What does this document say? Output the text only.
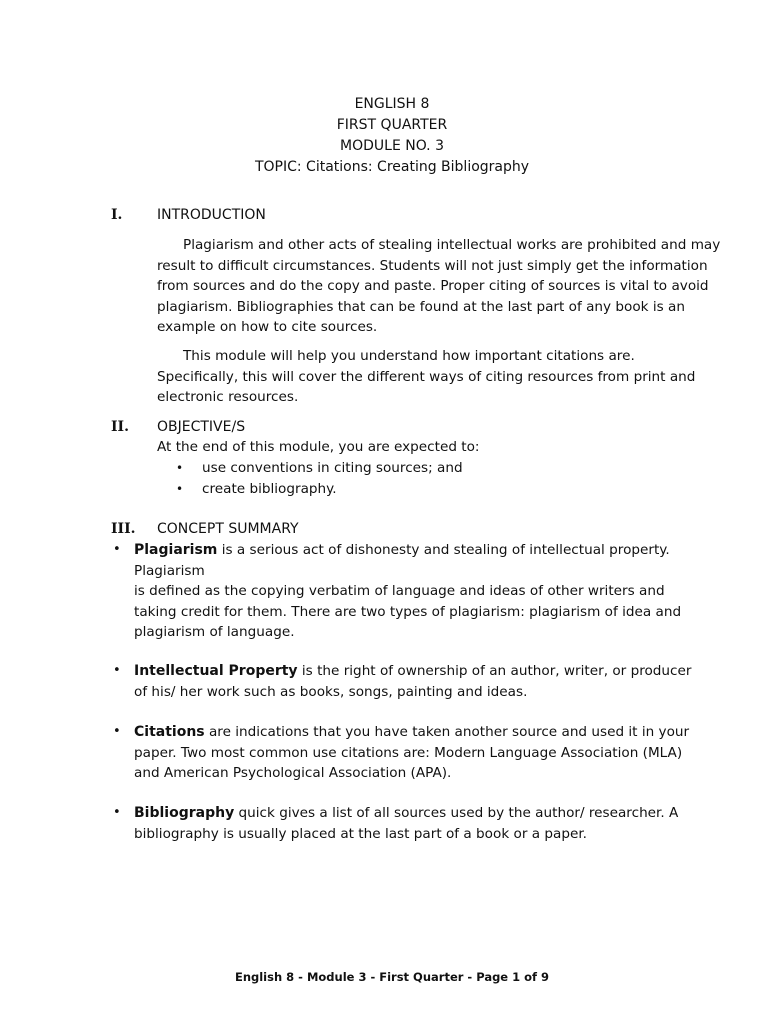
ENGLISH 8
FIRST QUARTER
MODULE NO. 3
TOPIC: Citations: Creating Bibliography
I. INTRODUCTION
Plagiarism and other acts of stealing intellectual works are prohibited and may
result to difficult circumstances. Students will not just simply get the information
from sources and do the copy and paste. Proper citing of sources is vital to avoid
plagiarism. Bibliographies that can be found at the last part of any book is an
example on how to cite sources.
This module will help you understand how important citations are.
Specifically, this will cover the different ways of citing resources from print and
electronic resources.
II. OBJECTIVE/S
At the end of this module, you are expected to:
• use conventions in citing sources; and
• create bibliography.
III. CONCEPT SUMMARY
• Plagiarism is a serious act of dishonesty and stealing of intellectual property.
Plagiarism
is defined as the copying verbatim of language and ideas of other writers and
taking credit for them. There are two types of plagiarism: plagiarism of idea and
plagiarism of language.
• Intellectual Property is the right of ownership of an author, writer, or producer
of his/ her work such as books, songs, painting and ideas.
• Citations are indications that you have taken another source and used it in your
paper. Two most common use citations are: Modern Language Association (MLA)
and American Psychological Association (APA).
• Bibliography quick gives a list of all sources used by the author/ researcher. A
bibliography is usually placed at the last part of a book or a paper.
English 8 - Module 3 - First Quarter - Page 1 of 9
